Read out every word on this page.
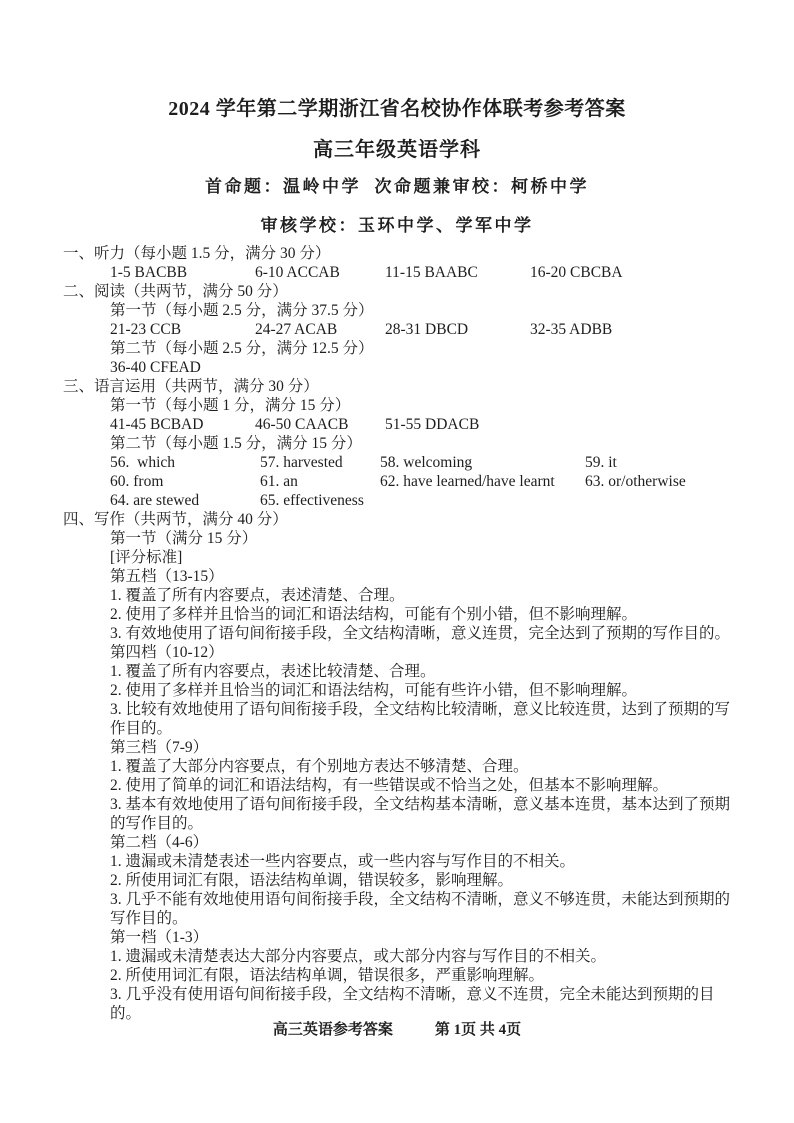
2024 学年第二学期浙江省名校协作体联考参考答案
高三年级英语学科
首命题：温岭中学  次命题兼审校：柯桥中学
审核学校：玉环中学、学军中学
一、听力（每小题 1.5 分，满分 30 分）
1-5 BACBB	6-10 ACCAB	11-15 BAABC	16-20 CBCBA
二、阅读（共两节，满分 50 分）
第一节（每小题 2.5 分，满分 37.5 分）
21-23 CCB	24-27 ACAB	28-31 DBCD	32-35 ADBB
第二节（每小题 2.5 分，满分 12.5 分）
36-40 CFEAD
三、语言运用（共两节，满分 30 分）
第一节（每小题 1 分，满分 15 分）
41-45 BCBAD	46-50 CAACB	51-55 DDACB
第二节（每小题 1.5 分，满分 15 分）
56.  which	57. harvested	58. welcoming	59. it
60. from	61. an	62. have learned/have learnt	63. or/otherwise
64. are stewed	65. effectiveness
四、写作（共两节，满分 40 分）
第一节（满分 15 分）
[评分标准]
第五档（13-15）
1. 覆盖了所有内容要点，表述清楚、合理。
2. 使用了多样并且恰当的词汇和语法结构，可能有个别小错，但不影响理解。
3. 有效地使用了语句间衔接手段，全文结构清晰，意义连贯，完全达到了预期的写作目的。
第四档（10-12）
1. 覆盖了所有内容要点，表述比较清楚、合理。
2. 使用了多样并且恰当的词汇和语法结构，可能有些许小错，但不影响理解。
3. 比较有效地使用了语句间衔接手段，全文结构比较清晰，意义比较连贯，达到了预期的写作目的。
第三档（7-9）
1. 覆盖了大部分内容要点，有个别地方表达不够清楚、合理。
2. 使用了简单的词汇和语法结构，有一些错误或不恰当之处，但基本不影响理解。
3. 基本有效地使用了语句间衔接手段，全文结构基本清晰，意义基本连贯，基本达到了预期的写作目的。
第二档（4-6）
1. 遗漏或未清楚表述一些内容要点，或一些内容与写作目的不相关。
2. 所使用词汇有限，语法结构单调，错误较多，影响理解。
3. 几乎不能有效地使用语句间衔接手段，全文结构不清晰，意义不够连贯，未能达到预期的写作目的。
第一档（1-3）
1. 遗漏或未清楚表达大部分内容要点，或大部分内容与写作目的不相关。
2. 所使用词汇有限，语法结构单调，错误很多，严重影响理解。
3. 几乎没有使用语句间衔接手段，全文结构不清晰，意义不连贯，完全未能达到预期的目的。
高三英语参考答案	第 1页 共 4页
